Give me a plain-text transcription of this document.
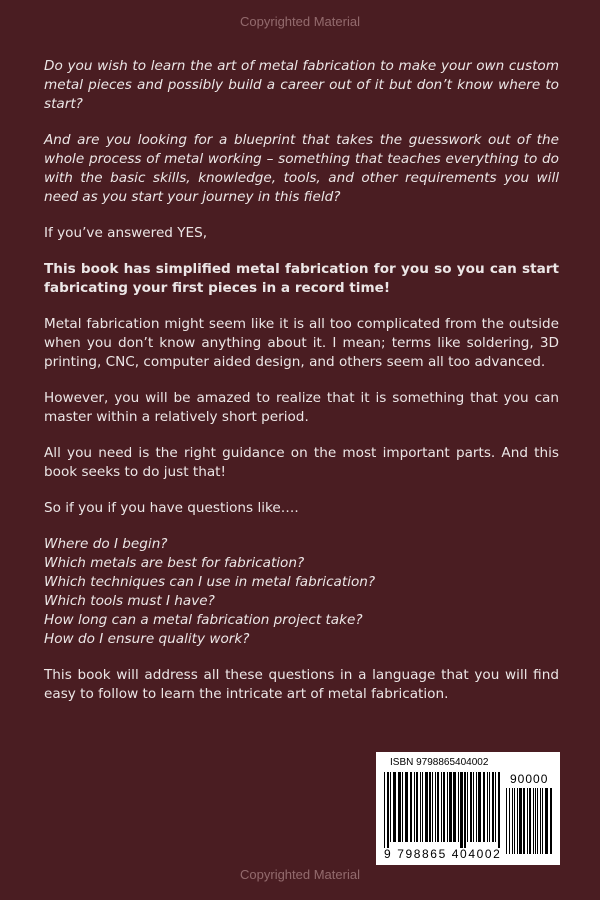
Copyrighted Material

Do you wish to learn the art of metal fabrication to make your own custom metal pieces and possibly build a career out of it but don’t know where to start?

And are you looking for a blueprint that takes the guesswork out of the whole process of metal working – something that teaches everything to do with the basic skills, knowledge, tools, and other requirements you will need as you start your journey in this field?

If you’ve answered YES,

This book has simplified metal fabrication for you so you can start fabricating your first pieces in a record time!

Metal fabrication might seem like it is all too complicated from the outside when you don’t know anything about it. I mean; terms like soldering, 3D printing, CNC, computer aided design, and others seem all too advanced.

However, you will be amazed to realize that it is something that you can master within a relatively short period.

All you need is the right guidance on the most important parts. And this book seeks to do just that!

So if you if you have questions like….

Where do I begin?

Which metals are best for fabrication?

Which techniques can I use in metal fabrication?

Which tools must I have?

How long can a metal fabrication project take?

How do I ensure quality work?

This book will address all these questions in a language that you will find easy to follow to learn the intricate art of metal fabrication.

ISBN 9798865404002
9 798865 404002
90000
Copyrighted Material
